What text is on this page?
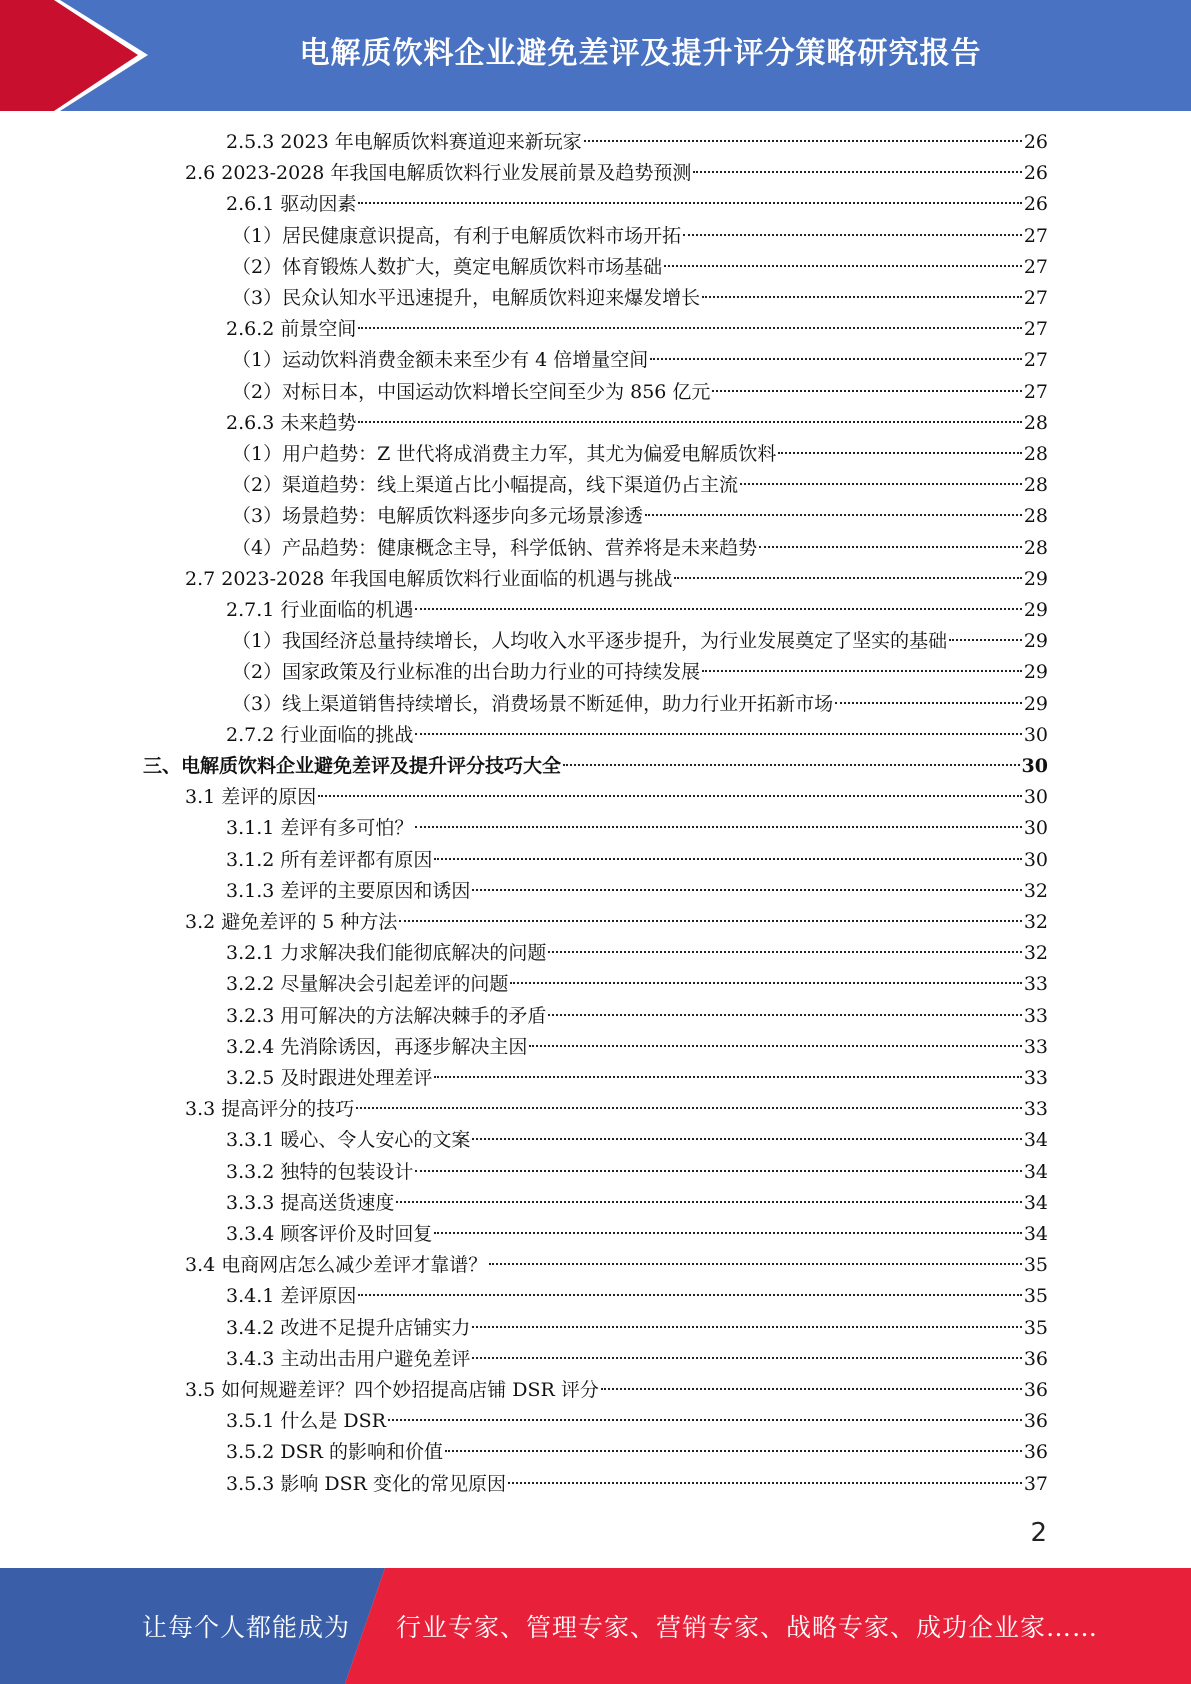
电解质饮料企业避免差评及提升评分策略研究报告
2.5.3 2023 年电解质饮料赛道迎来新玩家	26
2.6 2023-2028 年我国电解质饮料行业发展前景及趋势预测	26
2.6.1 驱动因素	26
（1）居民健康意识提高，有利于电解质饮料市场开拓	27
（2）体育锻炼人数扩大，奠定电解质饮料市场基础	27
（3）民众认知水平迅速提升，电解质饮料迎来爆发增长	27
2.6.2 前景空间	27
（1）运动饮料消费金额未来至少有 4 倍增量空间	27
（2）对标日本，中国运动饮料增长空间至少为 856 亿元	27
2.6.3 未来趋势	28
（1）用户趋势：Z 世代将成消费主力军，其尤为偏爱电解质饮料	28
（2）渠道趋势：线上渠道占比小幅提高，线下渠道仍占主流	28
（3）场景趋势：电解质饮料逐步向多元场景渗透	28
（4）产品趋势：健康概念主导，科学低钠、营养将是未来趋势	28
2.7 2023-2028 年我国电解质饮料行业面临的机遇与挑战	29
2.7.1 行业面临的机遇	29
（1）我国经济总量持续增长，人均收入水平逐步提升，为行业发展奠定了坚实的基础	29
（2）国家政策及行业标准的出台助力行业的可持续发展	29
（3）线上渠道销售持续增长，消费场景不断延伸，助力行业开拓新市场	29
2.7.2 行业面临的挑战	30
三、电解质饮料企业避免差评及提升评分技巧大全	30
3.1 差评的原因	30
3.1.1 差评有多可怕？	30
3.1.2 所有差评都有原因	30
3.1.3 差评的主要原因和诱因	32
3.2 避免差评的 5 种方法	32
3.2.1 力求解决我们能彻底解决的问题	32
3.2.2 尽量解决会引起差评的问题	33
3.2.3 用可解决的方法解决棘手的矛盾	33
3.2.4 先消除诱因，再逐步解决主因	33
3.2.5 及时跟进处理差评	33
3.3 提高评分的技巧	33
3.3.1 暖心、令人安心的文案	34
3.3.2 独特的包装设计	34
3.3.3 提高送货速度	34
3.3.4 顾客评价及时回复	34
3.4 电商网店怎么减少差评才靠谱？	35
3.4.1 差评原因	35
3.4.2 改进不足提升店铺实力	35
3.4.3 主动出击用户避免差评	36
3.5 如何规避差评？四个妙招提高店铺 DSR 评分	36
3.5.1 什么是 DSR	36
3.5.2 DSR 的影响和价值	36
3.5.3 影响 DSR 变化的常见原因	37
2
让每个人都能成为 行业专家、管理专家、营销专家、战略专家、成功企业家……
